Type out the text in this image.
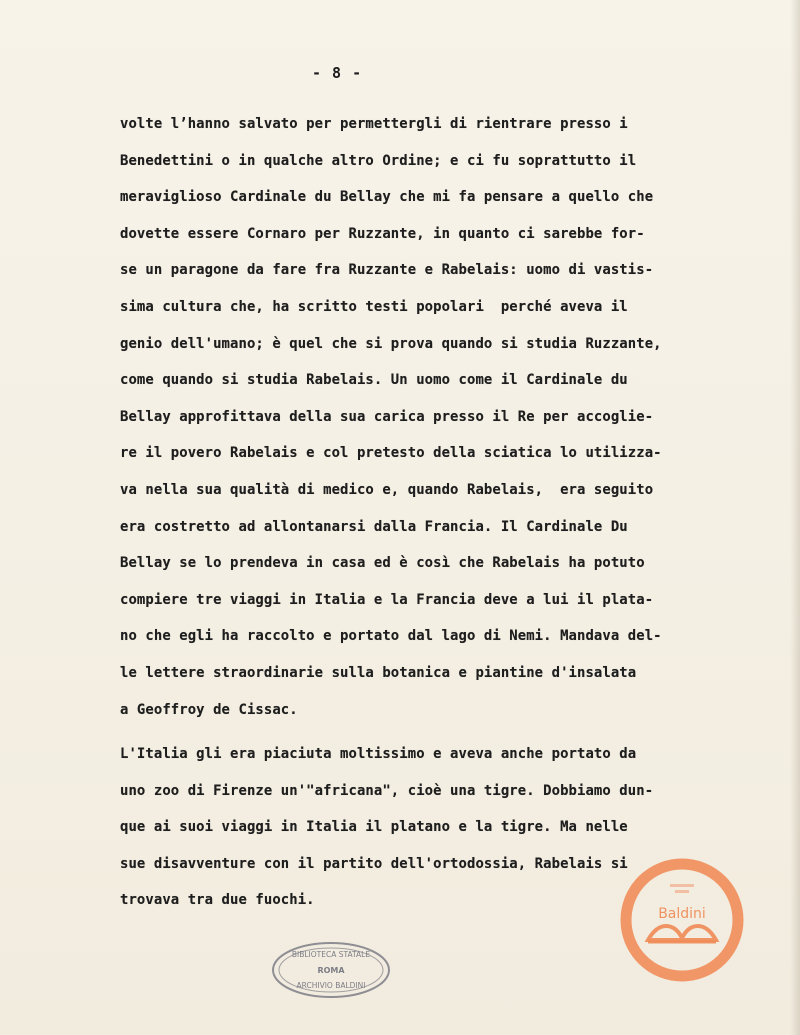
- 8 -
volte l’hanno salvato per permettergli di rientrare presso i
Benedettini o in qualche altro Ordine; e ci fu soprattutto il
meraviglioso Cardinale du Bellay che mi fa pensare a quello che
dovette essere Cornaro per Ruzzante, in quanto ci sarebbe for-
se un paragone da fare fra Ruzzante e Rabelais: uomo di vastis-
sima cultura che, ha scritto testi popolari  perché aveva il
genio dell'umano; è quel che si prova quando si studia Ruzzante,
come quando si studia Rabelais. Un uomo come il Cardinale du
Bellay approfittava della sua carica presso il Re per accoglie-
re il povero Rabelais e col pretesto della sciatica lo utilizza-
va nella sua qualità di medico e, quando Rabelais,  era seguito
era costretto ad allontanarsi dalla Francia. Il Cardinale Du
Bellay se lo prendeva in casa ed è così che Rabelais ha potuto
compiere tre viaggi in Italia e la Francia deve a lui il plata-
no che egli ha raccolto e portato dal lago di Nemi. Mandava del-
le lettere straordinarie sulla botanica e piantine d'insalata
a Geoffroy de Cissac.
L'Italia gli era piaciuta moltissimo e aveva anche portato da
uno zoo di Firenze un'"africana", cioè una tigre. Dobbiamo dun-
que ai suoi viaggi in Italia il platano e la tigre. Ma nelle
sue disavventure con il partito dell'ortodossia, Rabelais si
trovava tra due fuochi.
BIBLIOTECA STATALE
ROMA
ARCHIVIO BALDINI
Baldini
